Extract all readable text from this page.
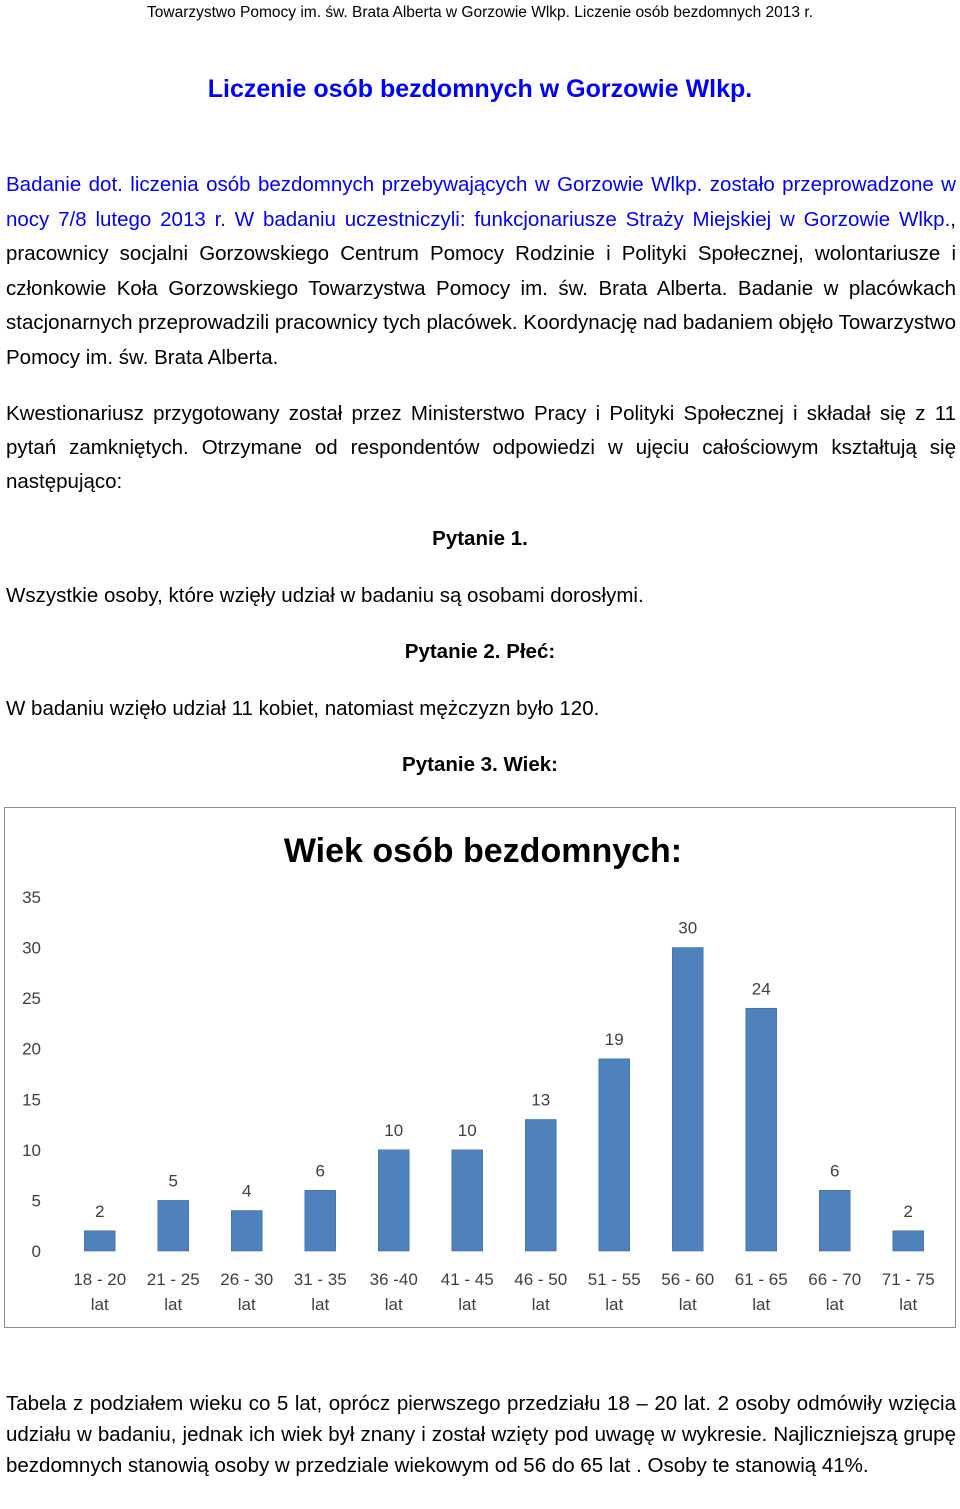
Towarzystwo Pomocy im. św. Brata Alberta w Gorzowie Wlkp. Liczenie osób bezdomnych 2013 r.
Liczenie osób bezdomnych w Gorzowie Wlkp.

Badanie dot. liczenia osób bezdomnych przebywających w Gorzowie Wlkp. zostało przeprowadzone w nocy 7/8 lutego 2013 r. W badaniu uczestniczyli: funkcjonariusze Straży Miejskiej w Gorzowie Wlkp., pracownicy socjalni Gorzowskiego Centrum Pomocy Rodzinie i Polityki Społecznej, wolontariusze i członkowie Koła Gorzowskiego Towarzystwa Pomocy im. św. Brata Alberta. Badanie w placówkach stacjonarnych przeprowadzili pracownicy tych placówek. Koordynację nad badaniem objęło Towarzystwo Pomocy im. św. Brata Alberta.

Kwestionariusz przygotowany został przez Ministerstwo Pracy i Polityki Społecznej i składał się z 11 pytań zamkniętych. Otrzymane od respondentów odpowiedzi w ujęciu całościowym kształtują się następująco:

Pytanie 1.

Wszystkie osoby, które wzięły udział w badaniu są osobami dorosłymi.

Pytanie 2. Płeć:

W badaniu wzięło udział 11 kobiet, natomiast mężczyzn było 120.

Pytanie 3. Wiek:
Wiek osób bezdomnych:
0
5
10
15
20
25
30
35
18 - 20
lat
21 - 25
lat
26 - 30
lat
31 - 35
lat
36 -40
lat
41 - 45
lat
46 - 50
lat
51 - 55
lat
56 - 60
lat
61 - 65
lat
66 - 70
lat
71 - 75
lat
2
5
4
6
10	10
13
19
30
24
6
2

Tabela z podziałem wieku co 5 lat, oprócz pierwszego przedziału 18 – 20 lat. 2 osoby odmówiły wzięcia udziału w badaniu, jednak ich wiek był znany i został wzięty pod uwagę w wykresie. Najliczniejszą grupę bezdomnych stanowią osoby w przedziale wiekowym od 56 do 65 lat . Osoby te stanowią 41%.
